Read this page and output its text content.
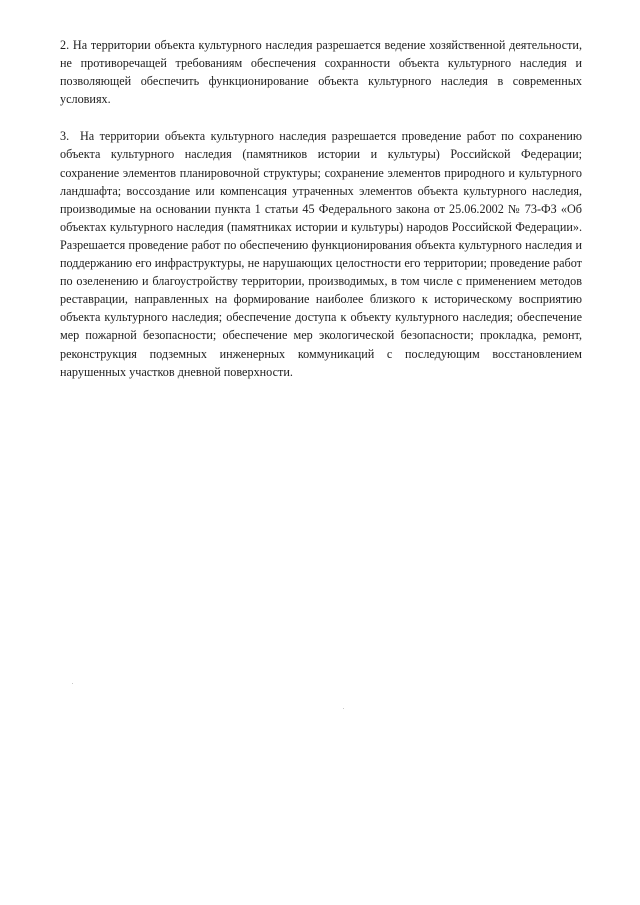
2. На территории объекта культурного наследия разрешается ведение хозяйственной деятельности, не противоречащей требованиям обеспечения сохранности объекта культурного наследия и позволяющей обеспечить функционирование объекта культурного наследия в современных условиях.

3. На территории объекта культурного наследия разрешается проведение работ по сохранению объекта культурного наследия (памятников истории и культуры) Российской Федерации; сохранение элементов планировочной структуры; сохранение элементов природного и культурного ландшафта; воссоздание или компенсация утраченных элементов объекта культурного наследия, производимые на основании пункта 1 статьи 45 Федерального закона от 25.06.2002 № 73-ФЗ «Об объектах культурного наследия (памятниках истории и культуры) народов Российской Федерации». Разрешается проведение работ по обеспечению функционирования объекта культурного наследия и поддержанию его инфраструктуры, не нарушающих целостности его территории; проведение работ по озеленению и благоустройству территории, производимых, в том числе с применением методов реставрации, направленных на формирование наиболее близкого к историческому восприятию объекта культурного наследия; обеспечение доступа к объекту культурного наследия; обеспечение мер пожарной безопасности; обеспечение мер экологической безопасности; прокладка, ремонт, реконструкция подземных инженерных коммуникаций с последующим восстановлением нарушенных участков дневной поверхности.
